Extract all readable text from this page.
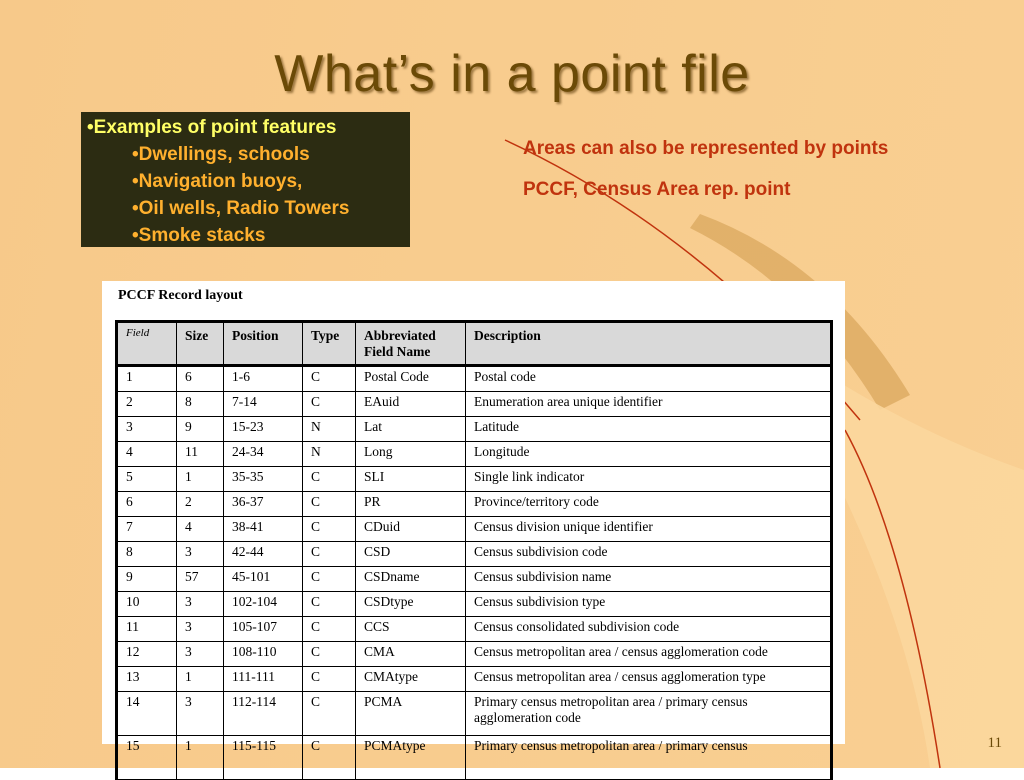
What’s in a point file

•Examples of point features

•Dwellings, schools

•Navigation buoys,

•Oil wells, Radio Towers

•Smoke stacks

Areas can also be represented by points

PCCF, Census Area rep. point

PCCF Record layout

Field	Size	Position	Type	Abbreviated Field Name	Description
1	6	1-6	C	Postal Code	Postal code
2	8	7-14	C	EAuid	Enumeration area unique identifier
3	9	15-23	N	Lat	Latitude
4	11	24-34	N	Long	Longitude
5	1	35-35	C	SLI	Single link indicator
6	2	36-37	C	PR	Province/territory code
7	4	38-41	C	CDuid	Census division unique identifier
8	3	42-44	C	CSD	Census subdivision code
9	57	45-101	C	CSDname	Census subdivision name
10	3	102-104	C	CSDtype	Census subdivision type
11	3	105-107	C	CCS	Census consolidated subdivision code
12	3	108-110	C	CMA	Census metropolitan area / census agglomeration code
13	1	111-111	C	CMAtype	Census metropolitan area / census agglomeration type
14	3	112-114	C	PCMA	Primary census metropolitan area / primary census agglomeration code
15	1	115-115	C	PCMAtype	Primary census metropolitan area / primary census	11
